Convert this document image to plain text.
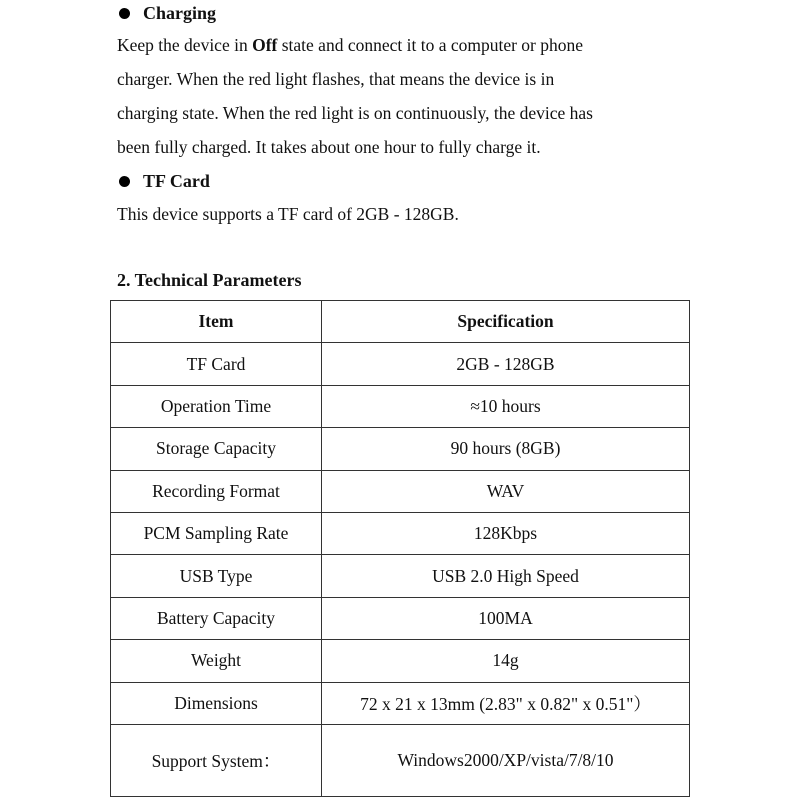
Charging
Keep the device in Off state and connect it to a computer or phone
charger. When the red light flashes, that means the device is in
charging state. When the red light is on continuously, the device has
been fully charged. It takes about one hour to fully charge it.
TF Card
This device supports a TF card of 2GB - 128GB.
2. Technical Parameters
Item	Specification
TF Card	2GB - 128GB
Operation Time	≈10 hours
Storage Capacity	90 hours (8GB)
Recording Format	WAV
PCM Sampling Rate	128Kbps
USB Type	USB 2.0 High Speed
Battery Capacity	100MA
Weight	14g
Dimensions	72 x 21 x 13mm (2.83" x 0.82" x 0.51"）
Support System：	Windows2000/XP/vista/7/8/10
